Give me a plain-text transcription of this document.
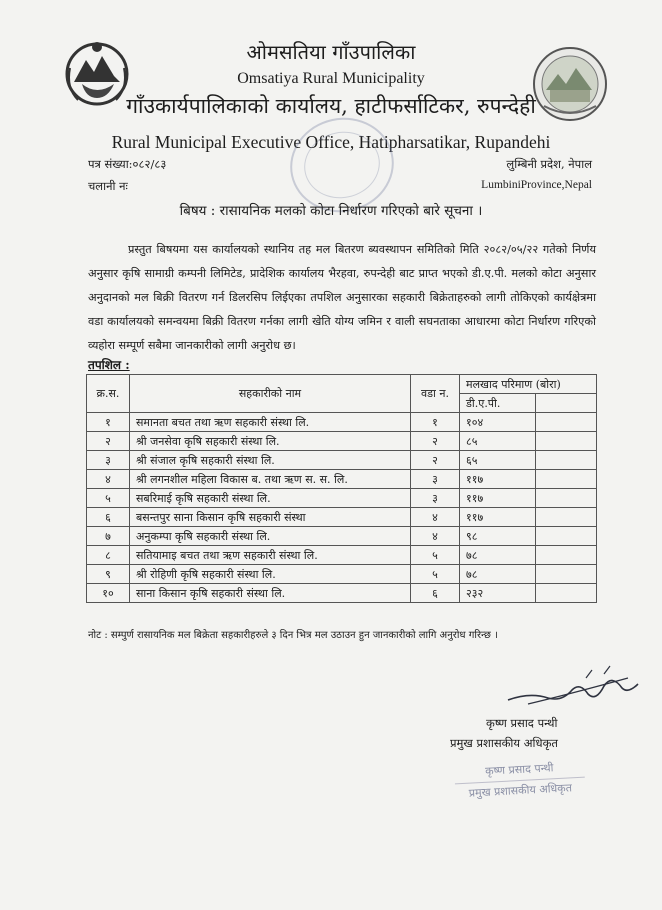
ओमसतिया गाँउपालिका
Omsatiya Rural Municipality
गाँउकार्यपालिकाको कार्यालय, हाटीफर्साटिकर, रुपन्देही
Rural Municipal Executive Office, Hatipharsatikar, Rupandehi
पत्र संख्या:०८२/८३
चलानी नः
लुम्बिनी प्रदेश, नेपाल
LumbiniProvince,Nepal
बिषय : रासायनिक मलको कोटा निर्धारण गरिएको बारे सूचना ।

प्रस्तुत बिषयमा यस कार्यालयको स्थानिय तह मल बितरण ब्यवस्थापन समितिको मिति २०८२/०५/२२ गतेको निर्णय अनुसार कृषि सामाग्री कम्पनी लिमिटेड, प्रादेशिक कार्यालय भैरहवा, रुपन्देही बाट प्राप्त भएको डी.ए.पी. मलको कोटा अनुसार अनुदानको मल बिक्री वितरण गर्न डिलरसिप लिईएका तपशिल अनुसारका सहकारी बिक्रेताहरुको लागी तोकिएको कार्यक्षेत्रमा वडा कार्यालयको समन्वयमा बिक्री वितरण गर्नका लागी खेति योग्य जमिन र वाली सघनताका आधारमा कोटा निर्धारण गरिएको व्यहोरा सम्पूर्ण सबैमा जानकारीको लागी अनुरोध छ।

तपशिल :
क्र.स.	सहकारीको नाम	वडा न.	मलखाद परिमाण (बोरा)	
			डी.ए.पी.	
१	समानता बचत तथा ऋण सहकारी संस्था लि.	१	१०४	
२	श्री जनसेवा कृषि सहकारी संस्था लि.	२	८५	
३	श्री संजाल कृषि सहकारी संस्था लि.	२	६५	
४	श्री लगनशील महिला विकास ब. तथा ऋण स. स. लि.	३	११७	
५	सबरिमाई कृषि सहकारी संस्था लि.	३	११७	
६	बसन्तपुर साना किसान कृषि सहकारी संस्था	४	११७	
७	अनुकम्पा कृषि सहकारी संस्था लि.	४	९८	
८	सतियामाइ बचत तथा ऋण सहकारी संस्था लि.	५	७८	
९	श्री रोहिणी कृषि सहकारी संस्था लि.	५	७८	
१०	साना किसान कृषि सहकारी संस्था लि.	६	२३२	
नोट : सम्पुर्ण रासायनिक मल बिक्रेता सहकारीहरुले ३ दिन भित्र मल उठाउन हुन जानकारीको लागि अनुरोध गरिन्छ ।
कृष्ण प्रसाद पन्थी
प्रमुख प्रशासकीय अधिकृत
कृष्ण प्रसाद पन्थी
प्रमुख प्रशासकीय अधिकृत
